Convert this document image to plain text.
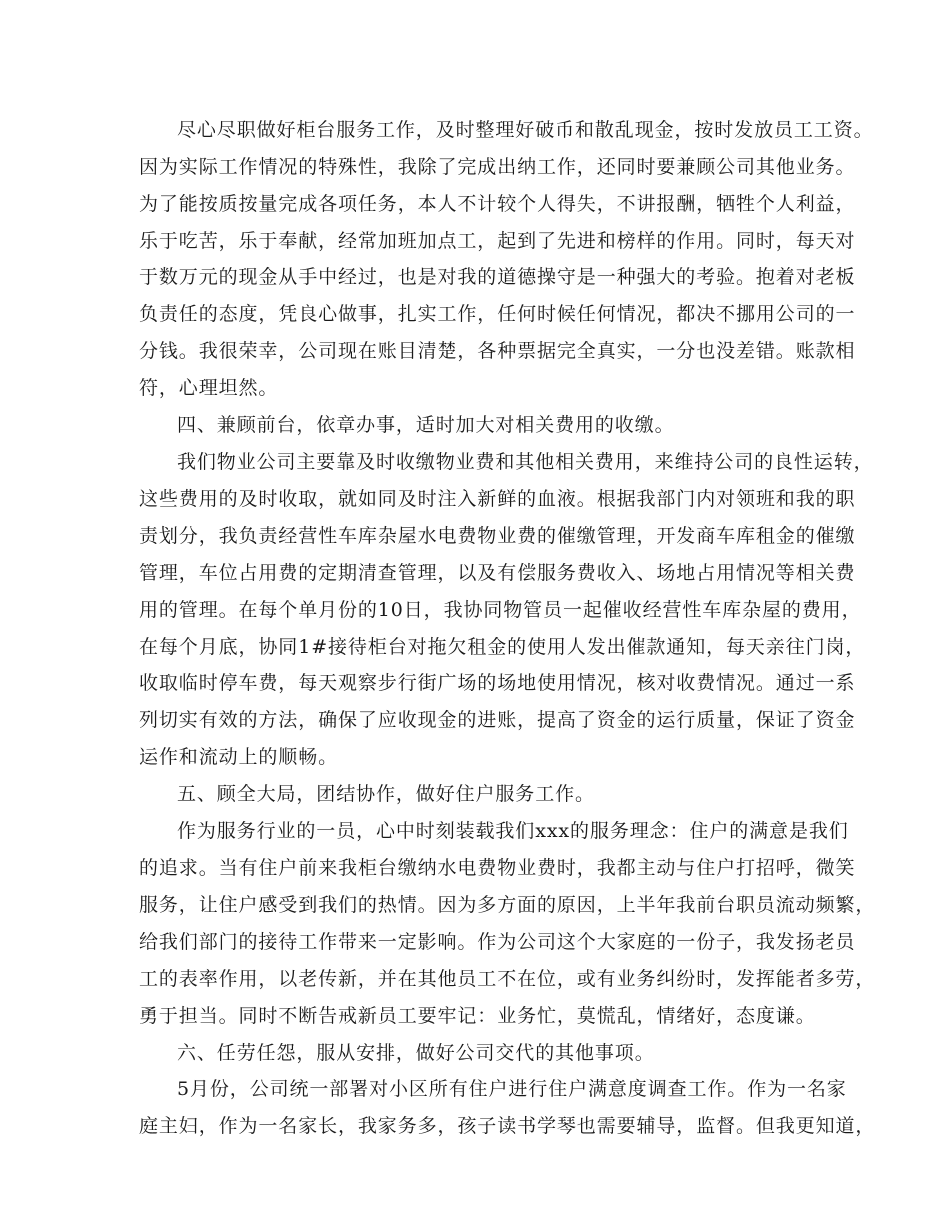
尽心尽职做好柜台服务工作，及时整理好破币和散乱现金，按时发放员工工资。

因为实际工作情况的特殊性，我除了完成出纳工作，还同时要兼顾公司其他业务。

为了能按质按量完成各项任务，本人不计较个人得失，不讲报酬，牺牲个人利益，

乐于吃苦，乐于奉献，经常加班加点工，起到了先进和榜样的作用。同时，每天对

于数万元的现金从手中经过，也是对我的道德操守是一种强大的考验。抱着对老板

负责任的态度，凭良心做事，扎实工作，任何时候任何情况，都决不挪用公司的一

分钱。我很荣幸，公司现在账目清楚，各种票据完全真实，一分也没差错。账款相

符，心理坦然。

四、兼顾前台，依章办事，适时加大对相关费用的收缴。

我们物业公司主要靠及时收缴物业费和其他相关费用，来维持公司的良性运转，

这些费用的及时收取，就如同及时注入新鲜的血液。根据我部门内对领班和我的职

责划分，我负责经营性车库杂屋水电费物业费的催缴管理，开发商车库租金的催缴

管理，车位占用费的定期清查管理，以及有偿服务费收入、场地占用情况等相关费

用的管理。在每个单月份的10日，我协同物管员一起催收经营性车库杂屋的费用，

在每个月底，协同1#接待柜台对拖欠租金的使用人发出催款通知，每天亲往门岗，

收取临时停车费，每天观察步行街广场的场地使用情况，核对收费情况。通过一系

列切实有效的方法，确保了应收现金的进账，提高了资金的运行质量，保证了资金

运作和流动上的顺畅。

五、顾全大局，团结协作，做好住户服务工作。

作为服务行业的一员，心中时刻装载我们xxx的服务理念：住户的满意是我们

的追求。当有住户前来我柜台缴纳水电费物业费时，我都主动与住户打招呼，微笑

服务，让住户感受到我们的热情。因为多方面的原因，上半年我前台职员流动频繁，

给我们部门的接待工作带来一定影响。作为公司这个大家庭的一份子，我发扬老员

工的表率作用，以老传新，并在其他员工不在位，或有业务纠纷时，发挥能者多劳，

勇于担当。同时不断告戒新员工要牢记：业务忙，莫慌乱，情绪好，态度谦。

六、任劳任怨，服从安排，做好公司交代的其他事项。

5月份，公司统一部署对小区所有住户进行住户满意度调查工作。作为一名家

庭主妇，作为一名家长，我家务多，孩子读书学琴也需要辅导，监督。但我更知道，
